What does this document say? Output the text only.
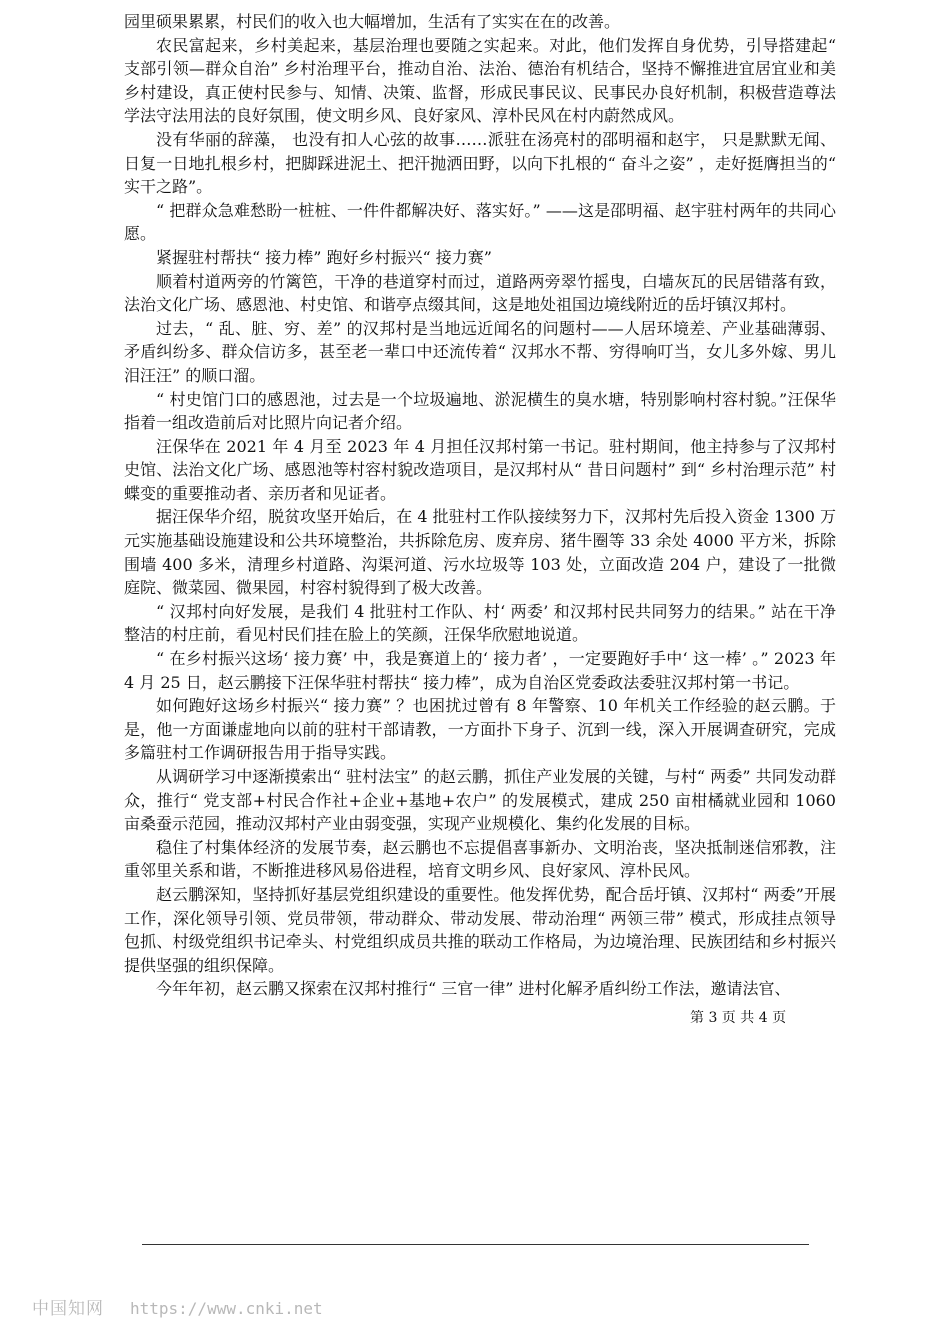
园里硕果累累，村民们的收入也大幅增加，生活有了实实在在的改善。

农民富起来，乡村美起来，基层治理也要随之实起来。对此，他们发挥自身优势，引导搭建起“ 支部引领—群众自治” 乡村治理平台，推动自治、法治、德治有机结合，坚持不懈推进宜居宜业和美乡村建设，真正使村民参与、知情、决策、监督，形成民事民议、民事民办良好机制，积极营造尊法学法守法用法的良好氛围，使文明乡风、良好家风、淳朴民风在村内蔚然成风。

没有华丽的辞藻， 也没有扣人心弦的故事……派驻在汤亮村的邵明福和赵宇， 只是默默无闻、日复一日地扎根乡村，把脚踩进泥土、把汗抛洒田野，以向下扎根的“ 奋斗之姿” ，走好挺膺担当的“ 实干之路”。

“ 把群众急难愁盼一桩桩、一件件都解决好、落实好。” ——这是邵明福、赵宇驻村两年的共同心愿。

紧握驻村帮扶“ 接力棒” 跑好乡村振兴“ 接力赛”

顺着村道两旁的竹篱笆，干净的巷道穿村而过，道路两旁翠竹摇曳，白墙灰瓦的民居错落有致，法治文化广场、感恩池、村史馆、和谐亭点缀其间，这是地处祖国边境线附近的岳圩镇汉邦村。

过去，“ 乱、脏、穷、差” 的汉邦村是当地远近闻名的问题村——人居环境差、产业基础薄弱、矛盾纠纷多、群众信访多，甚至老一辈口中还流传着“ 汉邦水不帮、穷得响叮当，女儿多外嫁、男儿泪汪汪” 的顺口溜。

“ 村史馆门口的感恩池，过去是一个垃圾遍地、淤泥横生的臭水塘，特别影响村容村貌。”汪保华指着一组改造前后对比照片向记者介绍。

汪保华在 2021 年 4 月至 2023 年 4 月担任汉邦村第一书记。驻村期间，他主持参与了汉邦村史馆、法治文化广场、感恩池等村容村貌改造项目，是汉邦村从“ 昔日问题村” 到“ 乡村治理示范” 村蝶变的重要推动者、亲历者和见证者。

据汪保华介绍，脱贫攻坚开始后，在 4 批驻村工作队接续努力下，汉邦村先后投入资金 1300 万元实施基础设施建设和公共环境整治，共拆除危房、废弃房、猪牛圈等 33 余处 4000 平方米，拆除围墙 400 多米，清理乡村道路、沟渠河道、污水垃圾等 103 处，立面改造 204 户，建设了一批微庭院、微菜园、微果园，村容村貌得到了极大改善。

“ 汉邦村向好发展，是我们 4 批驻村工作队、村‘ 两委’ 和汉邦村民共同努力的结果。” 站在干净整洁的村庄前，看见村民们挂在脸上的笑颜，汪保华欣慰地说道。

“ 在乡村振兴这场‘ 接力赛’ 中，我是赛道上的‘ 接力者’ ，一定要跑好手中‘ 这一棒’ 。” 2023 年 4 月 25 日，赵云鹏接下汪保华驻村帮扶“ 接力棒”，成为自治区党委政法委驻汉邦村第一书记。

如何跑好这场乡村振兴“ 接力赛” ？也困扰过曾有 8 年警察、10 年机关工作经验的赵云鹏。于是，他一方面谦虚地向以前的驻村干部请教，一方面扑下身子、沉到一线，深入开展调查研究，完成多篇驻村工作调研报告用于指导实践。

从调研学习中逐渐摸索出“ 驻村法宝” 的赵云鹏，抓住产业发展的关键，与村“ 两委” 共同发动群众，推行“ 党支部+村民合作社+企业+基地+农户” 的发展模式，建成 250 亩柑橘就业园和 1060 亩桑蚕示范园，推动汉邦村产业由弱变强，实现产业规模化、集约化发展的目标。

稳住了村集体经济的发展节奏，赵云鹏也不忘提倡喜事新办、文明治丧，坚决抵制迷信邪教，注重邻里关系和谐，不断推进移风易俗进程，培育文明乡风、良好家风、淳朴民风。

赵云鹏深知，坚持抓好基层党组织建设的重要性。他发挥优势，配合岳圩镇、汉邦村“ 两委”开展工作，深化领导引领、党员带领，带动群众、带动发展、带动治理“ 两领三带” 模式，形成挂点领导包抓、村级党组织书记牵头、村党组织成员共推的联动工作格局，为边境治理、民族团结和乡村振兴提供坚强的组织保障。

今年年初，赵云鹏又探索在汉邦村推行“ 三官一律” 进村化解矛盾纠纷工作法，邀请法官、

第 3 页 共 4 页
中国知网 https://www.cnki.net
